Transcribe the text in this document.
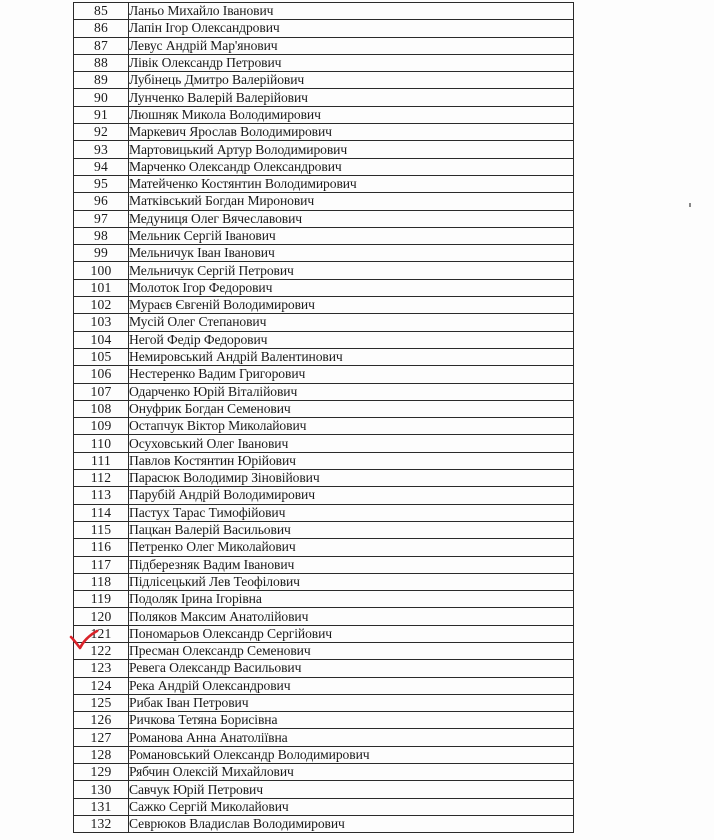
85	Ланьо Михайло Іванович
86	Лапін Ігор Олександрович
87	Левус Андрій Мар'янович
88	Лівік Олександр Петрович
89	Лубінець Дмитро Валерійович
90	Лунченко Валерій Валерійович
91	Люшняк Микола Володимирович
92	Маркевич Ярослав Володимирович
93	Мартовицький Артур Володимирович
94	Марченко Олександр Олександрович
95	Матейченко Костянтин Володимирович
96	Матківський Богдан Миронович
97	Медуниця Олег Вячеславович
98	Мельник Сергій Іванович
99	Мельничук Іван Іванович
100	Мельничук Сергій Петрович
101	Молоток Ігор Федорович
102	Мураєв Євгеній Володимирович
103	Мусій Олег Степанович
104	Негой Федір Федорович
105	Немировський Андрій Валентинович
106	Нестеренко Вадим Григорович
107	Одарченко Юрій Віталійович
108	Онуфрик Богдан Семенович
109	Остапчук Віктор Миколайович
110	Осуховський Олег Іванович
111	Павлов Костянтин Юрійович
112	Парасюк Володимир Зіновійович
113	Парубій Андрій Володимирович
114	Пастух Тарас Тимофійович
115	Пацкан Валерій Васильович
116	Петренко Олег Миколайович
117	Підберезняк Вадим Іванович
118	Підлісецький Лев Теофілович
119	Подоляк Ірина Ігорівна
120	Поляков Максим Анатолійович
121	Пономарьов Олександр Сергійович
122	Пресман Олександр Семенович
123	Ревега Олександр Васильович
124	Река Андрій Олександрович
125	Рибак Іван Петрович
126	Ричкова Тетяна Борисівна
127	Романова Анна Анатоліївна
128	Романовський Олександр Володимирович
129	Рябчин Олексій Михайлович
130	Савчук Юрій Петрович
131	Сажко Сергій Миколайович
132	Севрюков Владислав Володимирович
